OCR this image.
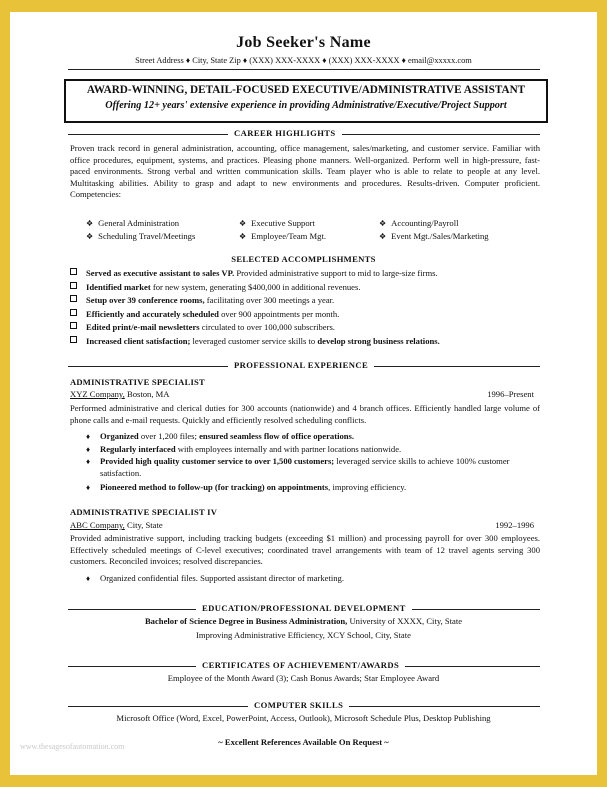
Job Seeker's Name
Street Address ♦ City, State Zip ♦ (XXX) XXX-XXXX ♦ (XXX) XXX-XXXX ♦ email@xxxxx.com
AWARD-WINNING, DETAIL-FOCUSED EXECUTIVE/ADMINISTRATIVE ASSISTANT
Offering 12+ years' extensive experience in providing Administrative/Executive/Project Support
CAREER HIGHLIGHTS
Proven track record in general administration, accounting, office management, sales/marketing, and customer service. Familiar with office procedures, equipment, systems, and practices. Pleasing phone manners. Well-organized. Perform well in high-pressure, fast-paced environments. Strong verbal and written communication skills. Team player who is able to relate to people at any level. Multitasking abilities. Ability to grasp and adapt to new environments and procedures. Results-driven. Computer proficient. Competencies:
❖ General Administration	❖ Executive Support	❖ Accounting/Payroll
❖ Scheduling Travel/Meetings	❖ Employee/Team Mgt.	❖ Event Mgt./Sales/Marketing
SELECTED ACCOMPLISHMENTS
Served as executive assistant to sales VP. Provided administrative support to mid to large-size firms.
Identified market for new system, generating $400,000 in additional revenues.
Setup over 39 conference rooms, facilitating over 300 meetings a year.
Efficiently and accurately scheduled over 900 appointments per month.
Edited print/e-mail newsletters circulated to over 100,000 subscribers.
Increased client satisfaction; leveraged customer service skills to develop strong business relations.
PROFESSIONAL EXPERIENCE
ADMINISTRATIVE SPECIALIST
XYZ Company, Boston, MA	1996–Present
Performed administrative and clerical duties for 300 accounts (nationwide) and 4 branch offices. Efficiently handled large volume of phone calls and e-mail requests. Quickly and efficiently resolved scheduling conflicts.
♦ Organized over 1,200 files; ensured seamless flow of office operations.
♦ Regularly interfaced with employees internally and with partner locations nationwide.
♦ Provided high quality customer service to over 1,500 customers; leveraged service skills to achieve 100% customer satisfaction.
♦ Pioneered method to follow-up (for tracking) on appointments, improving efficiency.
ADMINISTRATIVE SPECIALIST IV
ABC Company, City, State	1992–1996
Provided administrative support, including tracking budgets (exceeding $1 million) and processing payroll for over 300 employees. Effectively scheduled meetings of C-level executives; coordinated travel arrangements with team of 12 travel agents serving 300 customers. Reconciled invoices; resolved discrepancies.
♦ Organized confidential files. Supported assistant director of marketing.
EDUCATION/PROFESSIONAL DEVELOPMENT
Bachelor of Science Degree in Business Administration, University of XXXX, City, State
Improving Administrative Efficiency, XCY School, City, State
CERTIFICATES OF ACHIEVEMENT/AWARDS
Employee of the Month Award (3); Cash Bonus Awards; Star Employee Award
COMPUTER SKILLS
Microsoft Office (Word, Excel, PowerPoint, Access, Outlook), Microsoft Schedule Plus, Desktop Publishing
~ Excellent References Available On Request ~
www.thesagesofautomation.com
